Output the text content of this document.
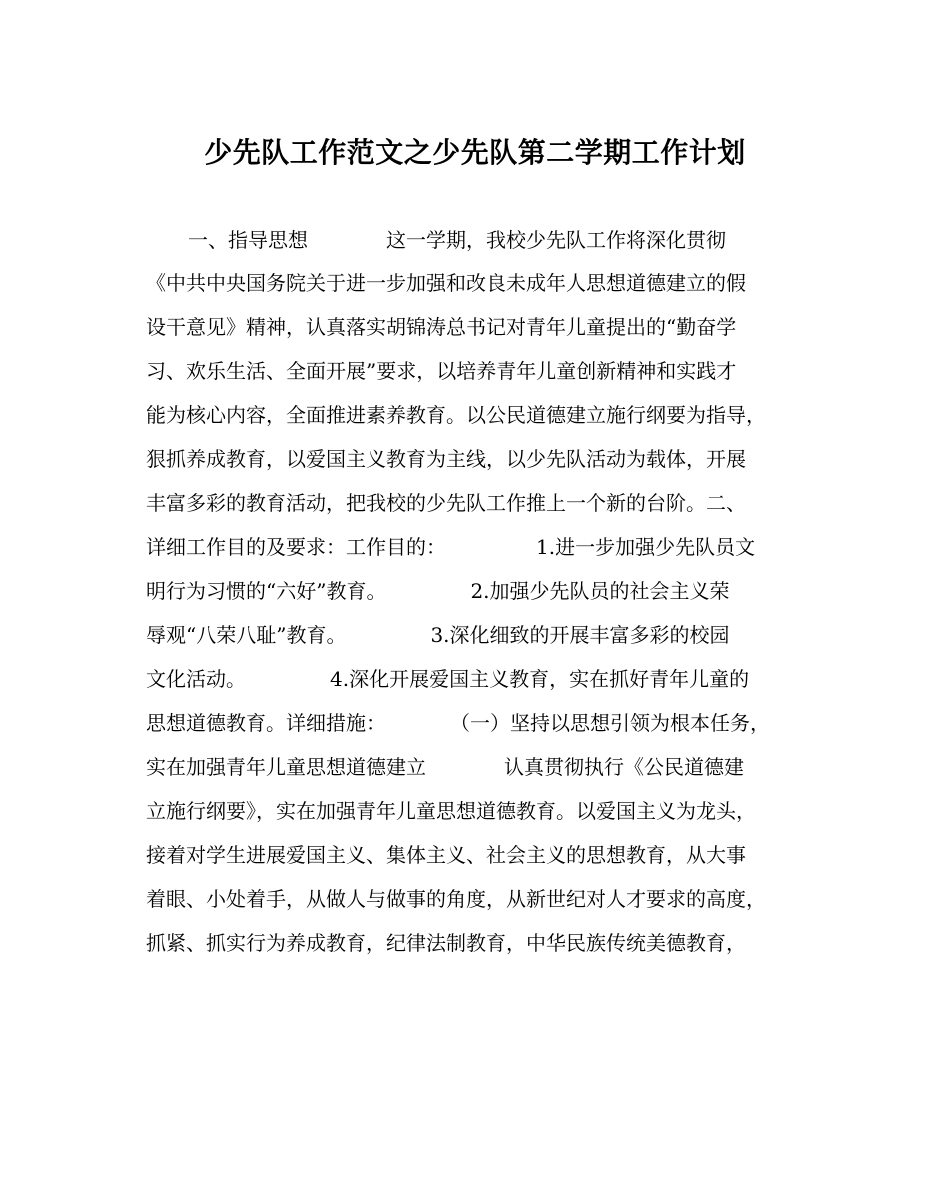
少先队工作范文之少先队第二学期工作计划
一、指导思想	这一学期，我校少先队工作将深化贯彻
《中共中央国务院关于进一步加强和改良未成年人思想道德建立的假
设干意见》精神，认真落实胡锦涛总书记对青年儿童提出的“勤奋学
习、欢乐生活、全面开展”要求，以培养青年儿童创新精神和实践才
能为核心内容，全面推进素养教育。以公民道德建立施行纲要为指导，
狠抓养成教育，以爱国主义教育为主线，以少先队活动为载体，开展
丰富多彩的教育活动，把我校的少先队工作推上一个新的台阶。二、
详细工作目的及要求：工作目的：	1.进一步加强少先队员文
明行为习惯的“六好”教育。	2.加强少先队员的社会主义荣
辱观“八荣八耻”教育。	3.深化细致的开展丰富多彩的校园
文化活动。	4.深化开展爱国主义教育，实在抓好青年儿童的
思想道德教育。详细措施：	（一）坚持以思想引领为根本任务，
实在加强青年儿童思想道德建立	认真贯彻执行《公民道德建
立施行纲要》，实在加强青年儿童思想道德教育。以爱国主义为龙头，
接着对学生进展爱国主义、集体主义、社会主义的思想教育，从大事
着眼、小处着手，从做人与做事的角度，从新世纪对人才要求的高度，
抓紧、抓实行为养成教育，纪律法制教育，中华民族传统美德教育，
